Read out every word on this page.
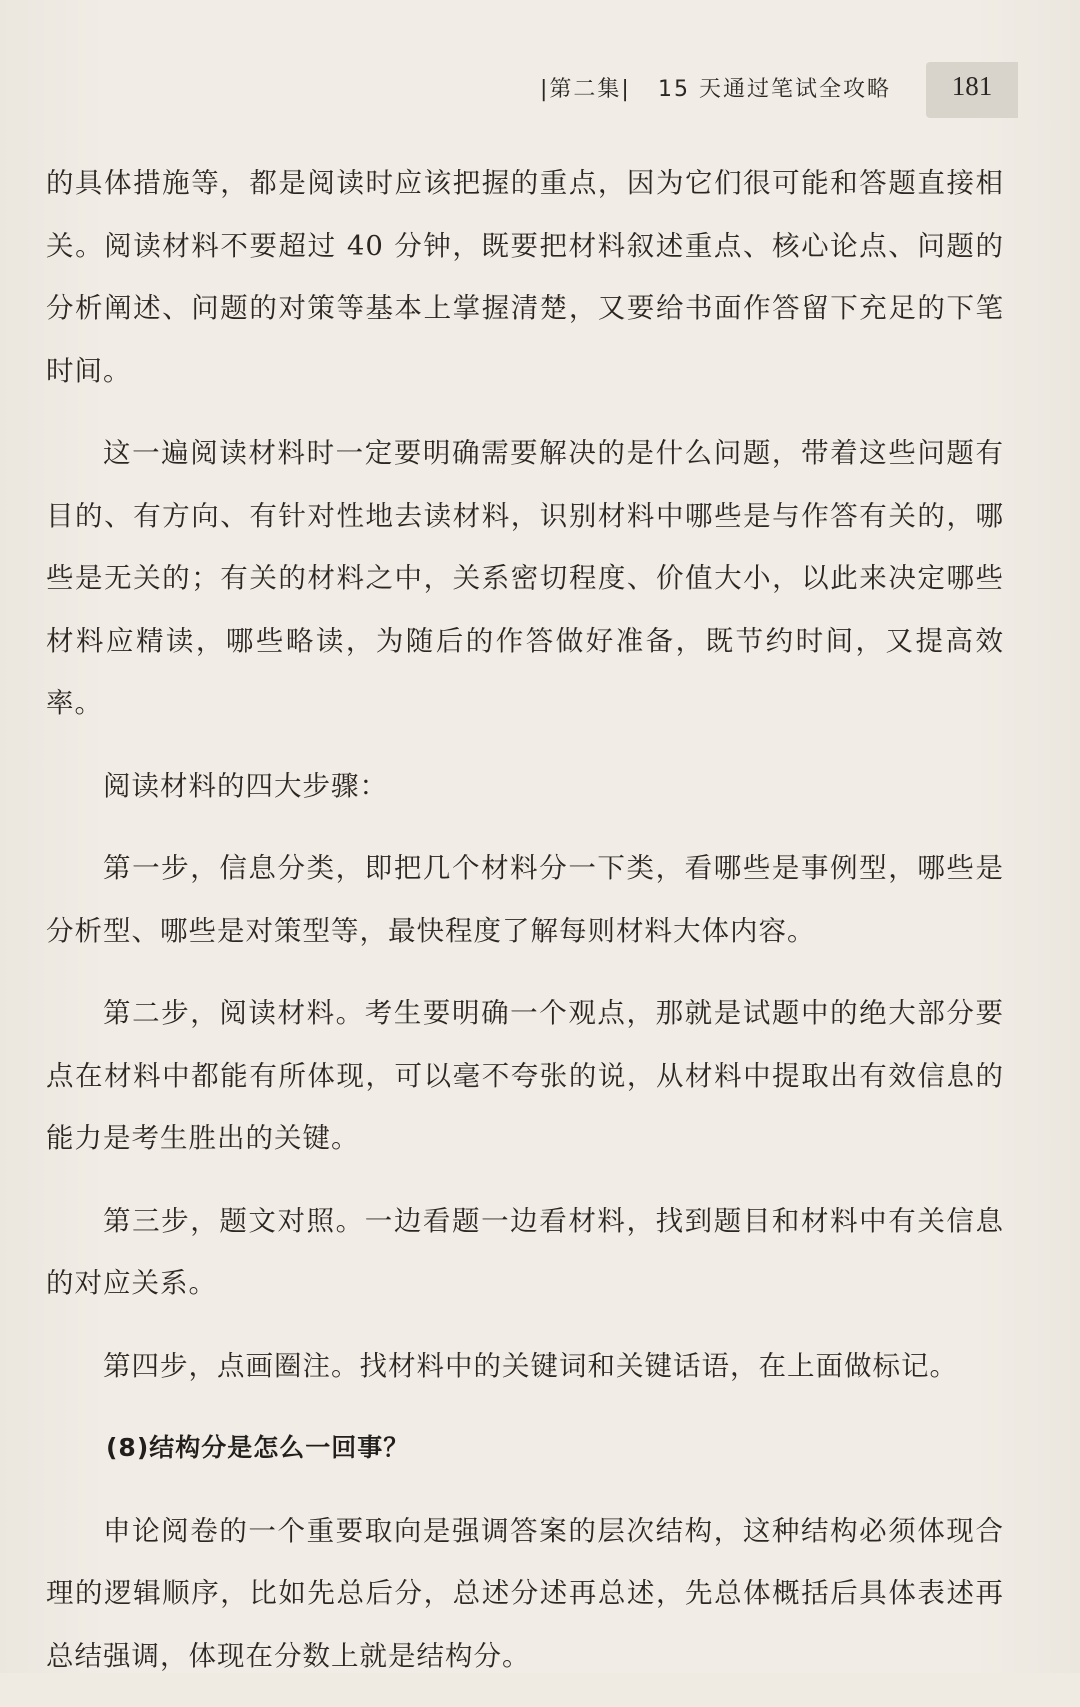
|第二集| 15 天通过笔试全攻略	181

的具体措施等，都是阅读时应该把握的重点，因为它们很可能和答题直接相关。阅读材料不要超过 40 分钟，既要把材料叙述重点、核心论点、问题的分析阐述、问题的对策等基本上掌握清楚，又要给书面作答留下充足的下笔时间。

这一遍阅读材料时一定要明确需要解决的是什么问题，带着这些问题有目的、有方向、有针对性地去读材料，识别材料中哪些是与作答有关的，哪些是无关的；有关的材料之中，关系密切程度、价值大小，以此来决定哪些材料应精读，哪些略读，为随后的作答做好准备，既节约时间，又提高效率。

阅读材料的四大步骤：

第一步，信息分类，即把几个材料分一下类，看哪些是事例型，哪些是分析型、哪些是对策型等，最快程度了解每则材料大体内容。

第二步，阅读材料。考生要明确一个观点，那就是试题中的绝大部分要点在材料中都能有所体现，可以毫不夸张的说，从材料中提取出有效信息的能力是考生胜出的关键。

第三步，题文对照。一边看题一边看材料，找到题目和材料中有关信息的对应关系。

第四步，点画圈注。找材料中的关键词和关键话语，在上面做标记。

(8)结构分是怎么一回事？

申论阅卷的一个重要取向是强调答案的层次结构，这种结构必须体现合理的逻辑顺序，比如先总后分，总述分述再总述，先总体概括后具体表述再总结强调，体现在分数上就是结构分。
